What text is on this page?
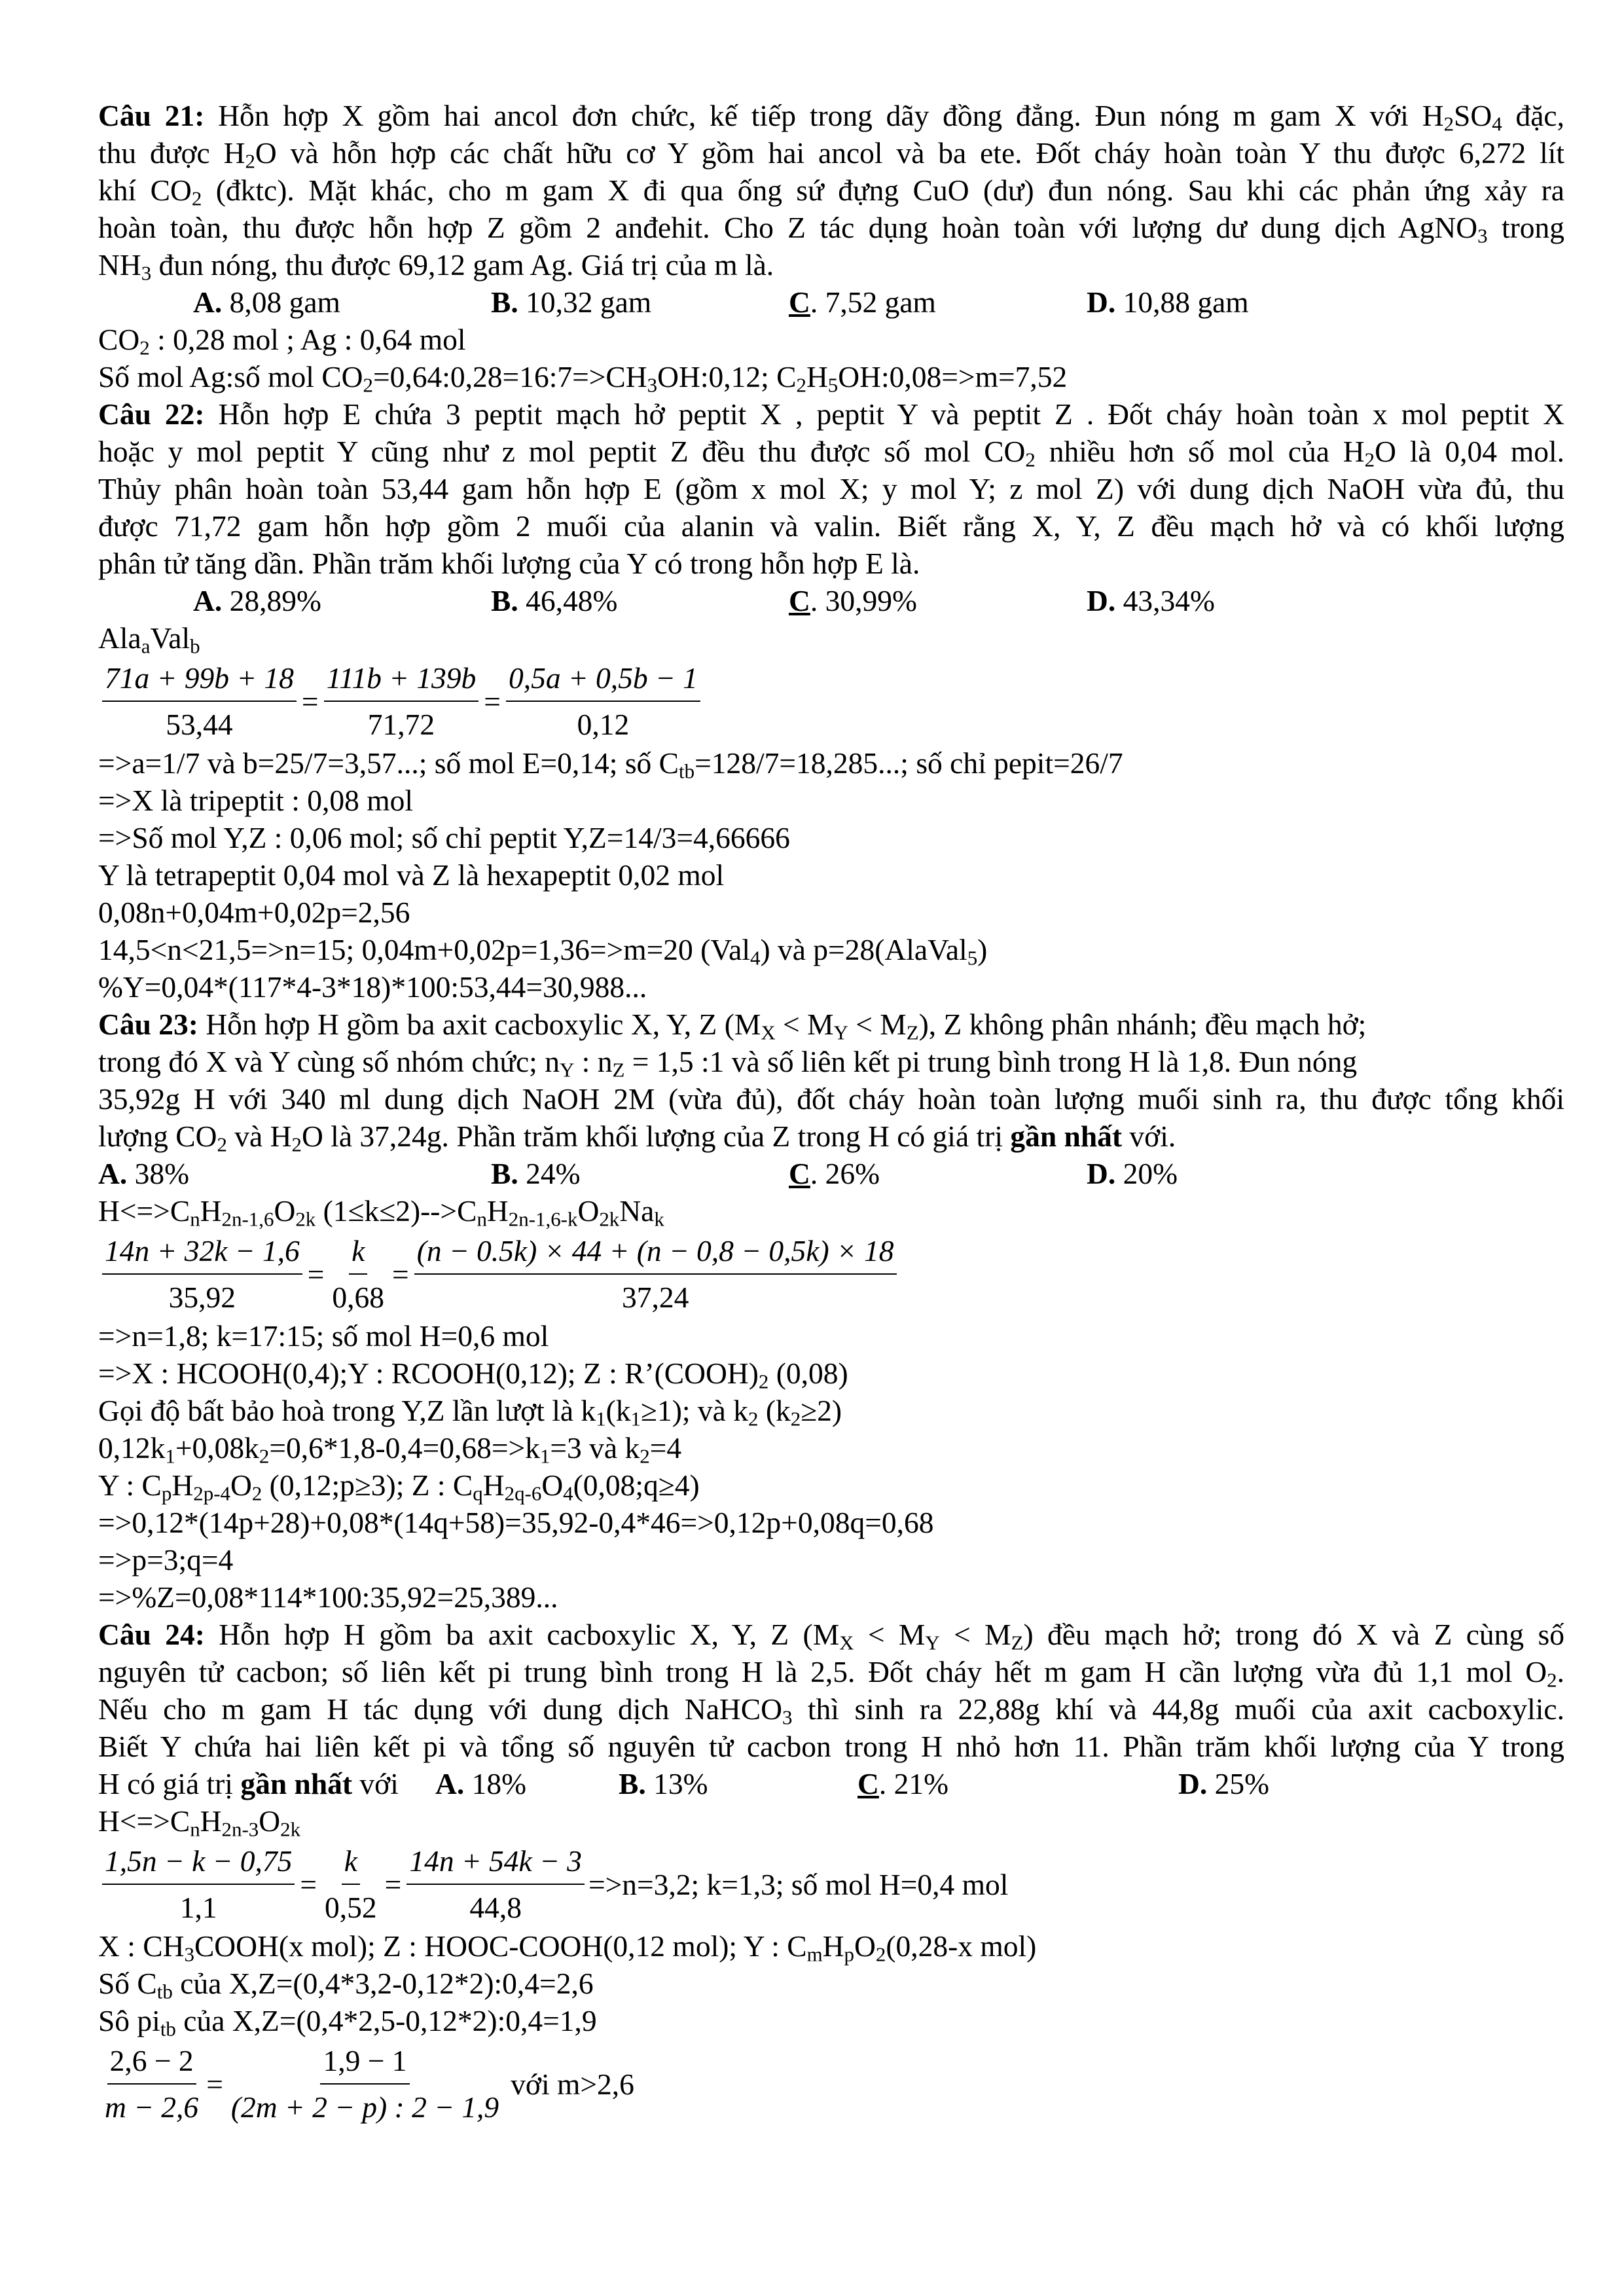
Câu 21: Hỗn hợp X gồm hai ancol đơn chức, kế tiếp trong dãy đồng đẳng. Đun nóng m gam X với $H_2SO_4$ đặc,
thu được $H_2O$ và hỗn hợp các chất hữu cơ Y gồm hai ancol và ba ete. Đốt cháy hoàn toàn Y thu được 6,272 lít
khí $CO_2$ (đktc). Mặt khác, cho m gam X đi qua ống sứ đựng CuO (dư) đun nóng. Sau khi các phản ứng xảy ra
hoàn toàn, thu được hỗn hợp Z gồm 2 anđehit. Cho Z tác dụng hoàn toàn với lượng dư dung dịch AgNO$_3$ trong
$NH_3$ đun nóng, thu được 69,12 gam Ag. Giá trị của m là.
A. 8,08 gam	B. 10,32 gam	C. 7,52 gam	D. 10,88 gam
$CO_2$ : 0,28 mol ; Ag : 0,64 mol
Số mol Ag:số mol $CO_2=0,64:0,28=16:7=>CH_3OH:0,12$; $C_2H_5OH:0,08=>m=7,52$
Câu 22: Hỗn hợp E chứa 3 peptit mạch hở peptit X , peptit Y và peptit Z . Đốt cháy hoàn toàn x mol peptit X
hoặc y mol peptit Y cũng như z mol peptit Z đều thu được số mol $CO_2$ nhiều hơn số mol của $H_2O$ là 0,04 mol.
Thủy phân hoàn toàn 53,44 gam hỗn hợp E (gồm x mol X; y mol Y; z mol Z) với dung dịch NaOH vừa đủ, thu
được 71,72 gam hỗn hợp gồm 2 muối của alanin và valin. Biết rằng X, Y, Z đều mạch hở và có khối lượng
phân tử tăng dần. Phần trăm khối lượng của Y có trong hỗn hợp E là.
A. 28,89%	B. 46,48%	C. 30,99%	D. 43,34%
Ala$_a$Val$_b$
$\frac{71a + 99b + 18}{53,44} = \frac{111b + 139b}{71,72} = \frac{0,5a + 0,5b - 1}{0,12}$
=>a=1/7 và b=25/7=3,57...; số mol E=0,14; số $C_{tb}=128/7=18,285$...; số chỉ pepit=26/7
=>X là tripeptit : 0,08 mol
=>Số mol Y,Z : 0,06 mol; số chỉ peptit Y,Z=14/3=4,66666
Y là tetrapeptit 0,04 mol và Z là hexapeptit 0,02 mol
0,08n+0,04m+0,02p=2,56
14,5<n<21,5=>n=15; 0,04m+0,02p=1,36=>m=20 (Val$_4$) và p=28(AlaVal$_5$)
%Y=0,04*(117*4-3*18)*100:53,44=30,988...
Câu 23: Hỗn hợp H gồm ba axit cacboxylic X, Y, Z $(M_X < M_Y < M_Z)$, Z không phân nhánh; đều mạch hở;
trong đó X và Y cùng số nhóm chức; $n_Y$ : $n_Z = 1,5$ :1 và số liên kết pi trung bình trong H là 1,8. Đun nóng
35,92g H với 340 ml dung dịch NaOH 2M (vừa đủ), đốt cháy hoàn toàn lượng muối sinh ra, thu được tổng khối
lượng $CO_2$ và $H_2O$ là 37,24g. Phần trăm khối lượng của Z trong H có giá trị gần nhất với.
A. 38%	B. 24%	C. 26%	D. 20%
$H<=>C_nH_{2n-1,6}O_{2k}$ $(1\le k\le 2)-->C_nH_{2n-1,6-k}O_{2k}Na_k$
$\frac{14n + 32k - 1,6}{35,92} = \frac{k}{0,68} = \frac{(n - 0.5k) \times 44 + (n - 0,8 - 0,5k) \times 18}{37,24}$
=>n=1,8; k=17:15; số mol H=0,6 mol
=>X : HCOOH(0,4);Y : RCOOH(0,12); Z : $R’(COOH)_2$ (0,08)
Gọi độ bất bảo hoà trong Y,Z lần lượt là $k_1(k_1\ge 1)$; và $k_2$ $(k_2\ge 2)$
$0,12k_1+0,08k_2=0,6*1,8-0,4=0,68=>k_1=3$ và $k_2=4$
Y : $C_pH_{2p-4}O_2$ (0,12;p≥3); Z : $C_qH_{2q-6}O_4(0,08;q\ge 4)$
=>0,12*(14p+28)+0,08*(14q+58)=35,92-0,4*46=>0,12p+0,08q=0,68
=>p=3;q=4
=>%Z=0,08*114*100:35,92=25,389...
Câu 24: Hỗn hợp H gồm ba axit cacboxylic X, Y, Z $(M_X < M_Y < M_Z)$ đều mạch hở; trong đó X và Z cùng số
nguyên tử cacbon; số liên kết pi trung bình trong H là 2,5. Đốt cháy hết m gam H cần lượng vừa đủ 1,1 mol $O_2$.
Nếu cho m gam H tác dụng với dung dịch NaHCO$_3$ thì sinh ra 22,88g khí và 44,8g muối của axit cacboxylic.
Biết Y chứa hai liên kết pi và tổng số nguyên tử cacbon trong H nhỏ hơn 11. Phần trăm khối lượng của Y trong
H có giá trị gần nhất với A. 18%	B. 13%	C. 21%	D. 25%
$H<=>C_nH_{2n-3}O_{2k}$
$\frac{1,5n - k - 0,75}{1,1} = \frac{k}{0,52} = \frac{14n + 54k - 3}{44,8} =>n=3,2$; k=1,3; số mol H=0,4 mol
X : $CH_3COOH(x$ mol); Z : HOOC-COOH(0,12 mol); Y : $C_mH_pO_2(0,28-x$ mol)
Số $C_{tb}$ của X,Z=(0,4*3,2-0,12*2):0,4=2,6
Sô $pi_{tb}$ của X,Z=(0,4*2,5-0,12*2):0,4=1,9
$\frac{2,6 - 2}{m - 2,6} = \frac{1,9 - 1}{(2m + 2 - p) : 2 - 1,9}$ với m>2,6
